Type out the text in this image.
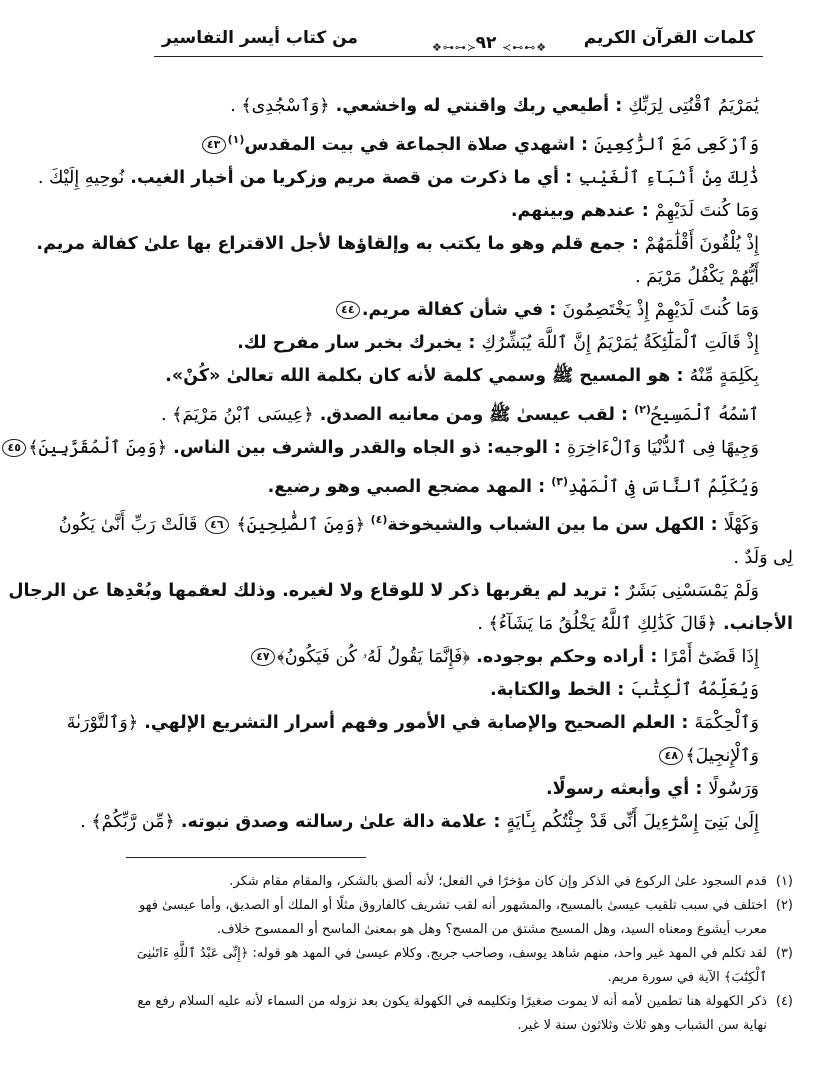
كلمات القرآن الكريم
❖⊶⊶≻
٩٢
≺⊷⊷❖
من كتاب أيسر التفاسير
يَٰمَرْيَمُ ٱقْنُتِى لِرَبِّكِ : أطيعي ربك واقنتي له واخشعي. ﴿وَٱسْجُدِى﴾ .
وَٱرْكَعِى مَعَ ٱلرَّٰكِعِينَ : اشهدي صلاة الجماعة في بيت المقدس$^{(١)}$٤٣
ذَٰلِكَ مِنْ أَنۢبَآءِ ٱلْغَيْبِ : أي ما ذكرت من قصة مريم وزكريا من أخبار الغيب. نُوحِيهِ إِلَيْكَ .
وَمَا كُنتَ لَدَيْهِمْ : عندهم وبينهم.
إِذْ يُلْقُونَ أَقْلَٰمَهُمْ : جمع قلم وهو ما يكتب به وإلقاؤها لأجل الاقتراع بها علىٰ كفالة مريم.
أَيُّهُمْ يَكْفُلُ مَرْيَمَ .
وَمَا كُنتَ لَدَيْهِمْ إِذْ يَخْتَصِمُونَ : في شأن كفالة مريم.٤٤
إِذْ قَالَتِ ٱلْمَلَٰٓئِكَةُ يَٰمَرْيَمُ إِنَّ ٱللَّهَ يُبَشِّرُكِ : يخبرك بخبر سار مفرح لك.
بِكَلِمَةٍ مِّنْهُ : هو المسيح ﷺ وسمي كلمة لأنه كان بكلمة الله تعالىٰ «كُنْ».
ٱسْمُهُ ٱلْمَسِيحُ$^{(٢)}$ : لقب عيسىٰ ﷺ ومن معانيه الصدق. ﴿عِيسَى ٱبْنُ مَرْيَمَ﴾ .
وَجِيهًا فِى ٱلدُّنْيَا وَٱلْءَاخِرَةِ : الوجيه: ذو الجاه والقدر والشرف بين الناس. ﴿وَمِنَ ٱلْمُقَرَّبِينَ﴾٤٥
وَيُكَلِّمُ ٱلنَّاسَ فِى ٱلْمَهْدِ$^{(٣)}$ : المهد مضجع الصبي وهو رضيع.
وَكَهْلًا : الكهل سن ما بين الشباب والشيخوخة$^{(٤)}$ ﴿وَمِنَ ٱلصَّٰلِحِينَ﴾ ٤٦ قَالَتْ رَبِّ أَنَّىٰ يَكُونُ
لِى وَلَدٌ .
وَلَمْ يَمْسَسْنِى بَشَرٌ : تريد لم يقربها ذكر لا للوقاع ولا لغيره. وذلك لعقمها وبُعْدِها عن الرجال
الأجانب. ﴿قَالَ كَذَٰلِكِ ٱللَّهُ يَخْلُقُ مَا يَشَآءُ﴾ .
إِذَا قَضَىٰٓ أَمْرًا : أراده وحكم بوجوده. ﴿فَإِنَّمَا يَقُولُ لَهُۥ كُن فَيَكُونُ﴾٤٧
وَيُعَلِّمُهُ ٱلْكِتَٰبَ : الخط والكتابة.
وَٱلْحِكْمَةَ : العلم الصحيح والإصابة في الأمور وفهم أسرار التشريع الإلهي. ﴿وَٱلتَّوْرَىٰةَ
وَٱلْإِنجِيلَ﴾٤٨
وَرَسُولًا : أي وأبعثه رسولًا.
إِلَىٰ بَنِىٓ إِسْرَٰٓءِيلَ أَنِّى قَدْ جِئْتُكُم بِـَٔايَةٍ : علامة دالة علىٰ رسالته وصدق نبوته. ﴿مِّن رَّبِّكُمْ﴾ .
(١)
قدم السجود علىٰ الركوع في الذكر وإن كان مؤخرًا في الفعل؛ لأنه ألصق بالشكر، والمقام مقام شكر.
(٢)
اختلف في سبب تلقيب عيسىٰ بالمسيح، والمشهور أنه لقب تشريف كالفاروق مثلًا أو الملك أو الصديق، وأما عيسىٰ فهو معرب أيشوع ومعناه السيد، وهل المسيح مشتق من المسح؟ وهل هو بمعنىٰ الماسح أو الممسوح خلاف.
(٣)
لقد تكلم في المهد غير واحد، منهم شاهد يوسف، وصاحب جريج. وكلام عيسىٰ في المهد هو قوله: ﴿إِنِّى عَبْدُ ٱللَّهِ ءَاتَىٰنِىَ ٱلْكِتَٰبَ﴾ الآية في سورة مريم.
(٤)
ذكر الكهولة هنا تطمين لأمه أنه لا يموت صغيرًا وتكليمه في الكهولة يكون بعد نزوله من السماء لأنه عليه السلام رفع مع نهاية سن الشباب وهو ثلاث وثلاثون سنة لا غير.
